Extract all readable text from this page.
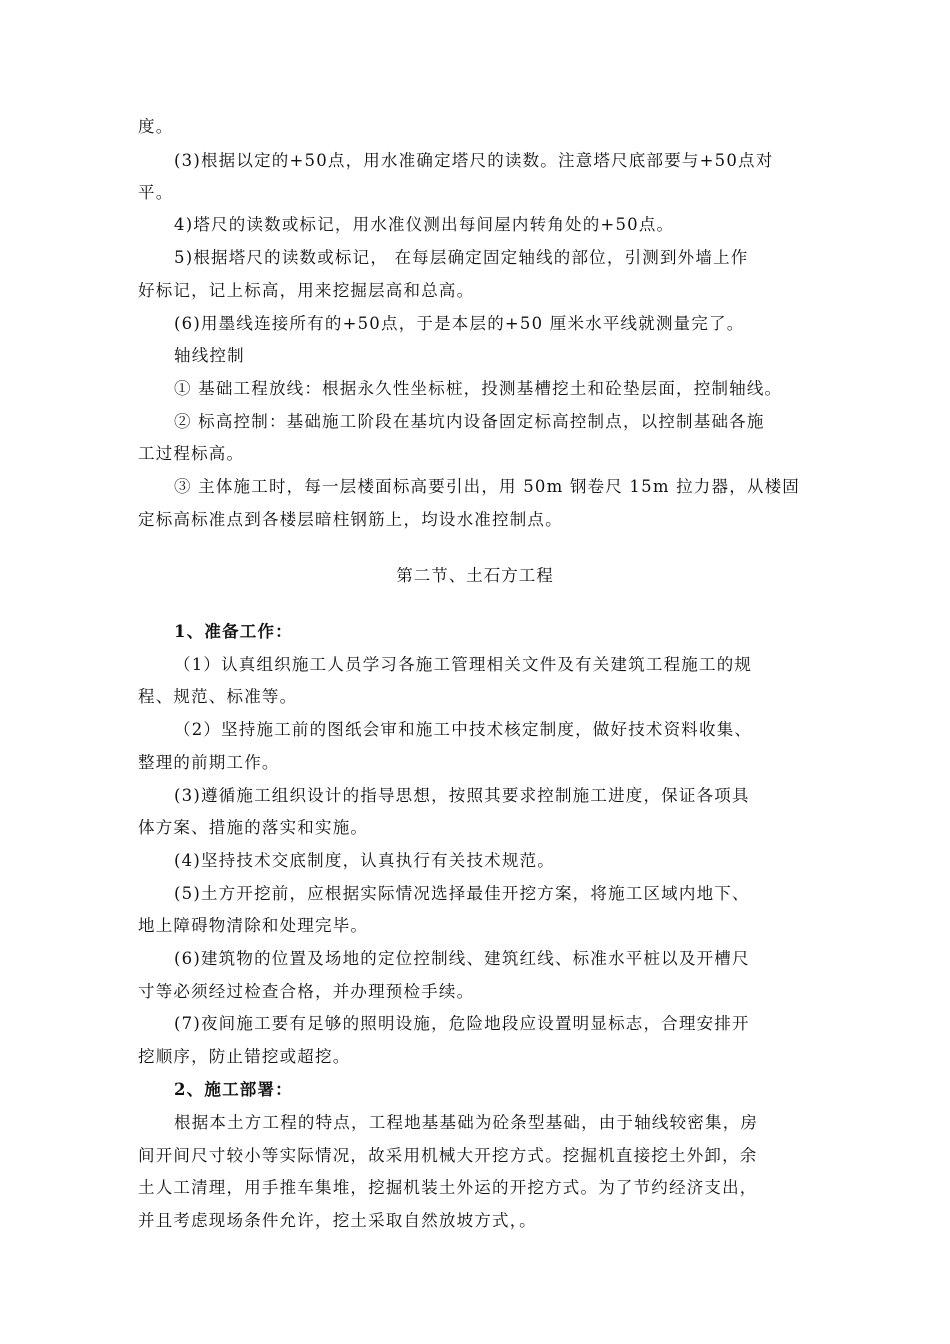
度。
(3)根据以定的+50点，用水准确定塔尺的读数。注意塔尺底部要与+50点对
平。
4)塔尺的读数或标记，用水准仪测出每间屋内转角处的+50点。
5)根据塔尺的读数或标记， 在每层确定固定轴线的部位，引测到外墙上作
好标记，记上标高，用来挖掘层高和总高。
(6)用墨线连接所有的+50点，于是本层的+50 厘米水平线就测量完了。
轴线控制
① 基础工程放线：根据永久性坐标桩，投测基槽挖土和砼垫层面，控制轴线。
② 标高控制：基础施工阶段在基坑内设备固定标高控制点，以控制基础各施
工过程标高。
③ 主体施工时，每一层楼面标高要引出，用 50m 钢卷尺 15m 拉力器，从楼固
定标高标准点到各楼层暗柱钢筋上，均设水准控制点。
第二节、土石方工程
1、准备工作：
（1）认真组织施工人员学习各施工管理相关文件及有关建筑工程施工的规
程、规范、标准等。
（2）坚持施工前的图纸会审和施工中技术核定制度，做好技术资料收集、
整理的前期工作。
(3)遵循施工组织设计的指导思想，按照其要求控制施工进度，保证各项具
体方案、措施的落实和实施。
(4)坚持技术交底制度，认真执行有关技术规范。
(5)土方开挖前，应根据实际情况选择最佳开挖方案，将施工区域内地下、
地上障碍物清除和处理完毕。
(6)建筑物的位置及场地的定位控制线、建筑红线、标准水平桩以及开槽尺
寸等必须经过检查合格，并办理预检手续。
(7)夜间施工要有足够的照明设施，危险地段应设置明显标志，合理安排开
挖顺序，防止错挖或超挖。
2、施工部署：
根据本土方工程的特点，工程地基基础为砼条型基础，由于轴线较密集，房
间开间尺寸较小等实际情况，故采用机械大开挖方式。挖掘机直接挖土外卸，余
土人工清理，用手推车集堆，挖掘机装土外运的开挖方式。为了节约经济支出，
并且考虑现场条件允许，挖土采取自然放坡方式，。
